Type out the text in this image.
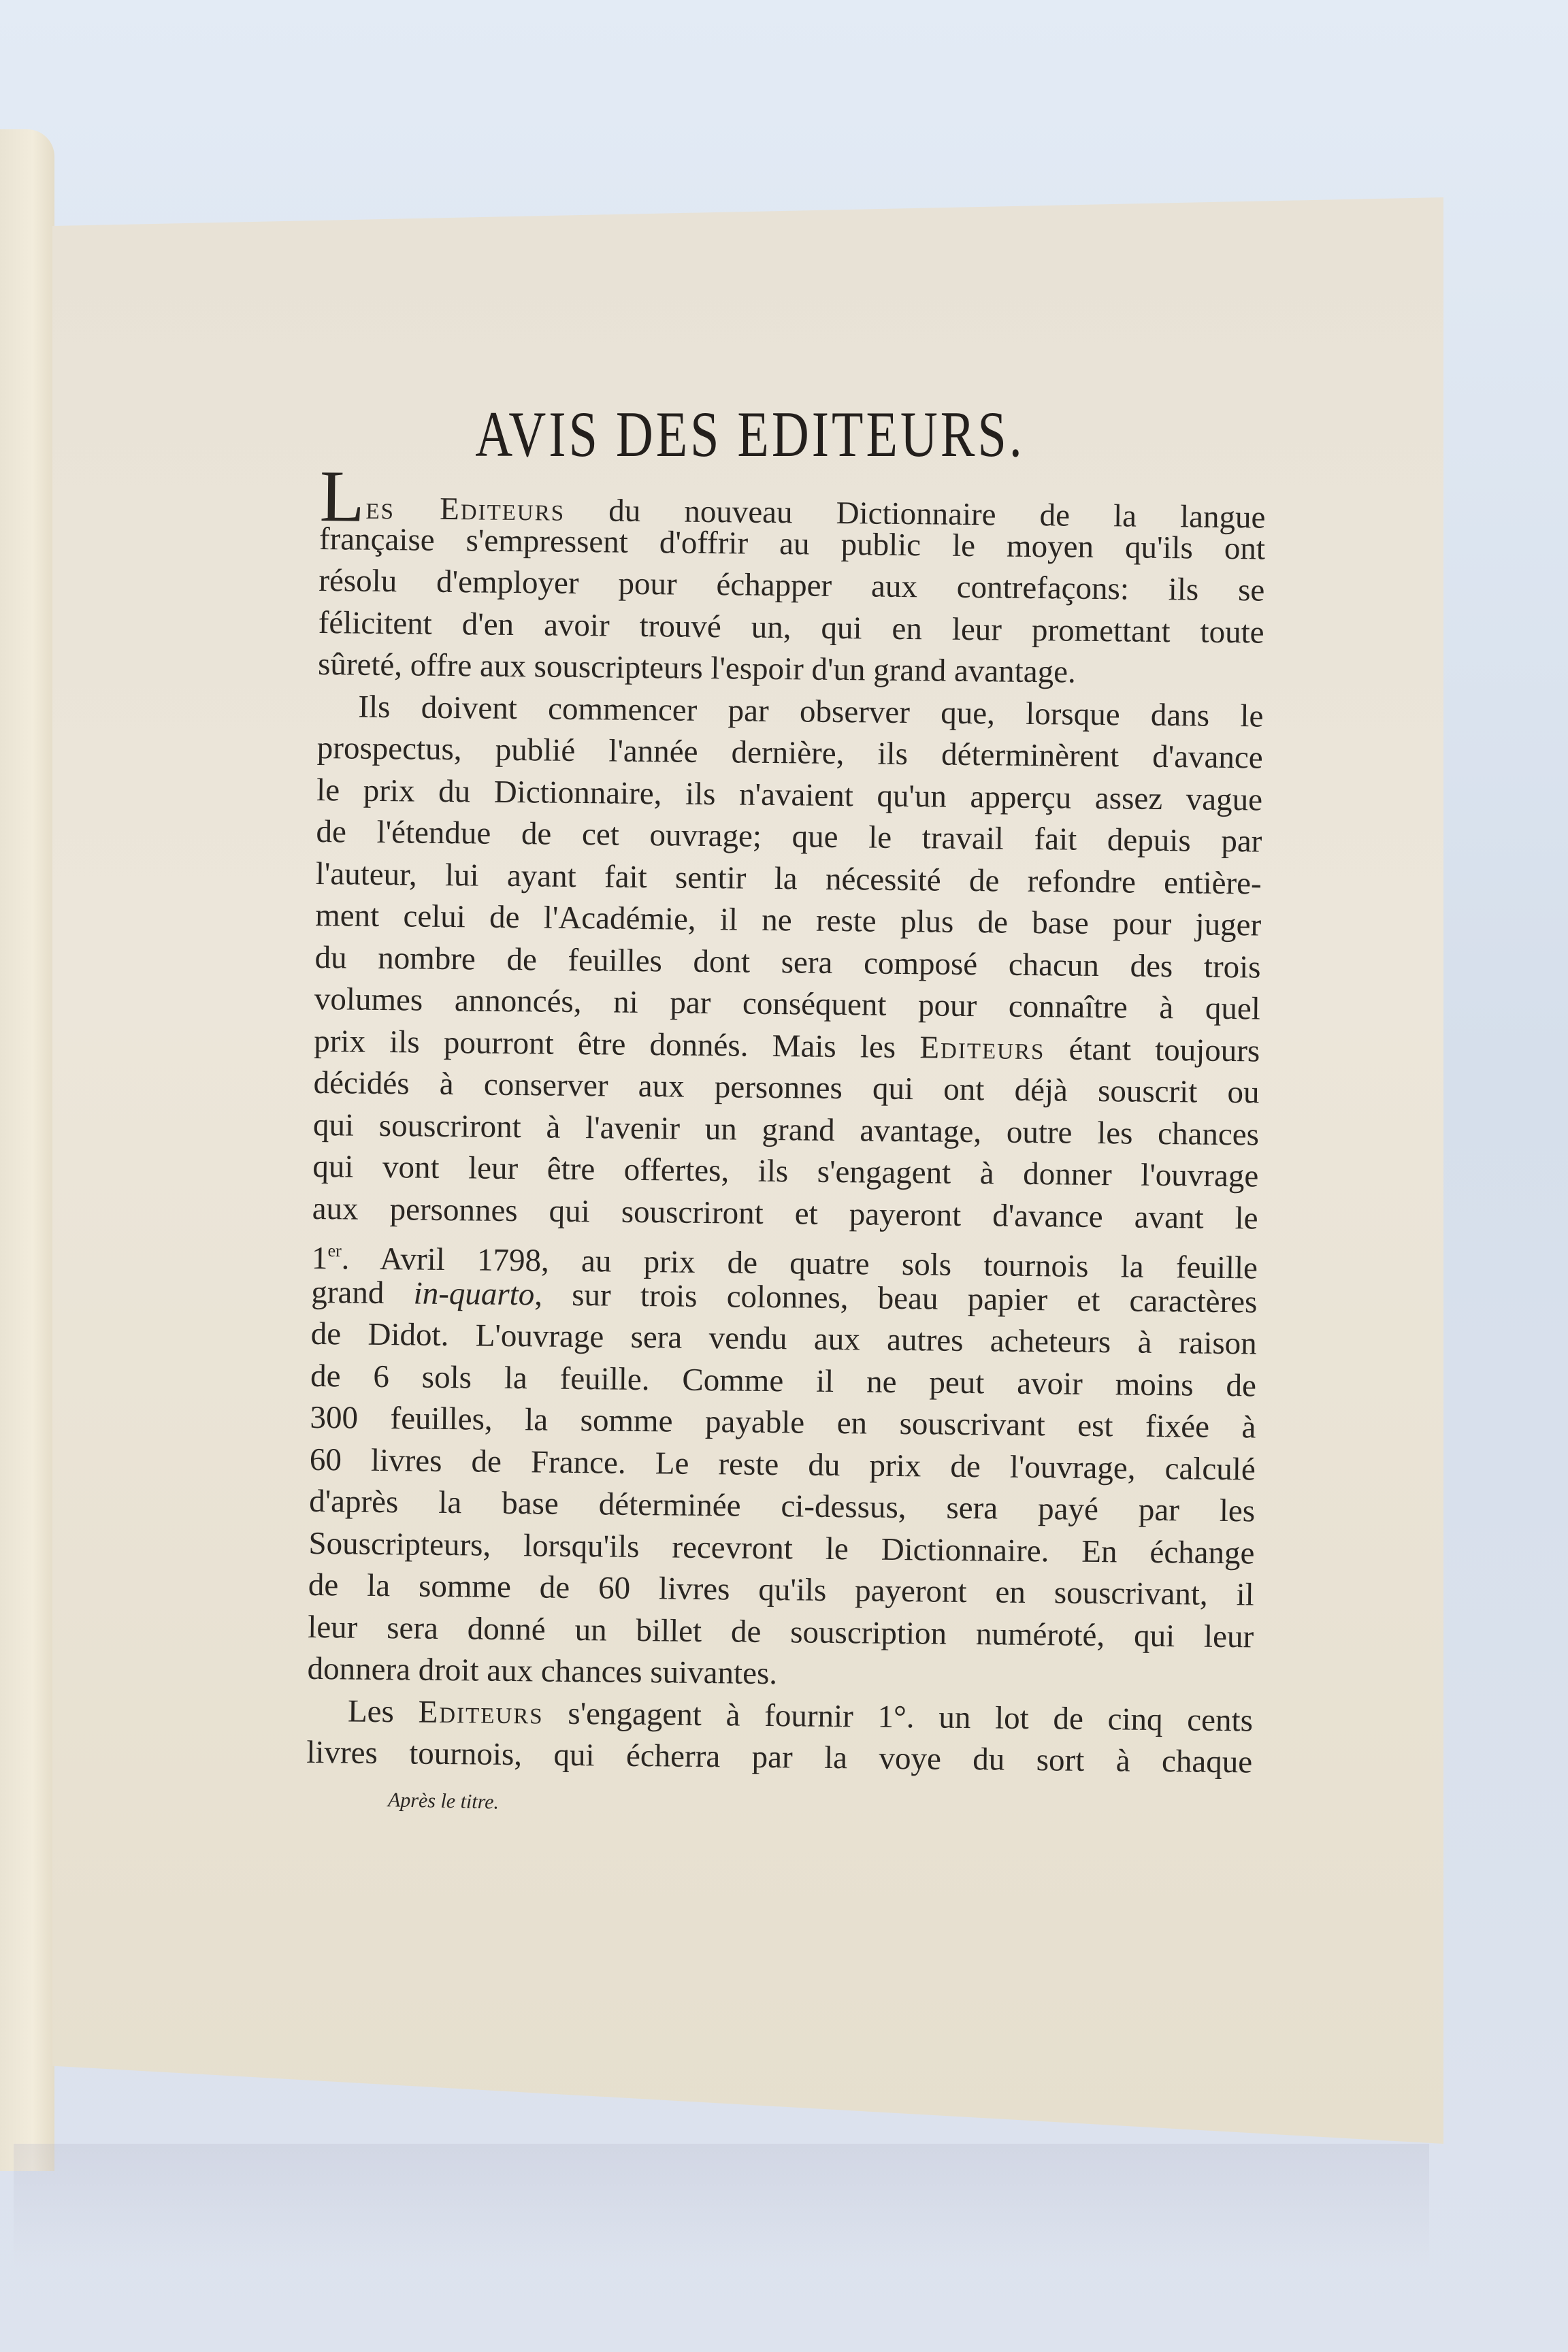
AVIS DES EDITEURS.
Les Editeurs du nouveau Dictionnaire de la langue
française s'empressent d'offrir au public le moyen qu'ils ont
résolu d'employer pour échapper aux contrefaçons: ils se
félicitent d'en avoir trouvé un, qui en leur promettant toute
sûreté, offre aux souscripteurs l'espoir d'un grand avantage.
Ils doivent commencer par observer que, lorsque dans le
prospectus, publié l'année dernière, ils déterminèrent d'avance
le prix du Dictionnaire, ils n'avaient qu'un apperçu assez vague
de l'étendue de cet ouvrage; que le travail fait depuis par
l'auteur, lui ayant fait sentir la nécessité de refondre entière-
ment celui de l'Académie, il ne reste plus de base pour juger
du nombre de feuilles dont sera composé chacun des trois
volumes annoncés, ni par conséquent pour connaître à quel
prix ils pourront être donnés. Mais les Editeurs étant toujours
décidés à conserver aux personnes qui ont déjà souscrit ou
qui souscriront à l'avenir un grand avantage, outre les chances
qui vont leur être offertes, ils s'engagent à donner l'ouvrage
aux personnes qui souscriront et payeront d'avance avant le
1er. Avril 1798, au prix de quatre sols tournois la feuille
grand in-quarto, sur trois colonnes, beau papier et caractères
de Didot. L'ouvrage sera vendu aux autres acheteurs à raison
de 6 sols la feuille. Comme il ne peut avoir moins de
300 feuilles, la somme payable en souscrivant est fixée à
60 livres de France. Le reste du prix de l'ouvrage, calculé
d'après la base déterminée ci-dessus, sera payé par les
Souscripteurs, lorsqu'ils recevront le Dictionnaire. En échange
de la somme de 60 livres qu'ils payeront en souscrivant, il
leur sera donné un billet de souscription numéroté, qui leur
donnera droit aux chances suivantes.
Les Editeurs s'engagent à fournir 1°. un lot de cinq cents
livres tournois, qui écherra par la voye du sort à chaque
Après le titre.
